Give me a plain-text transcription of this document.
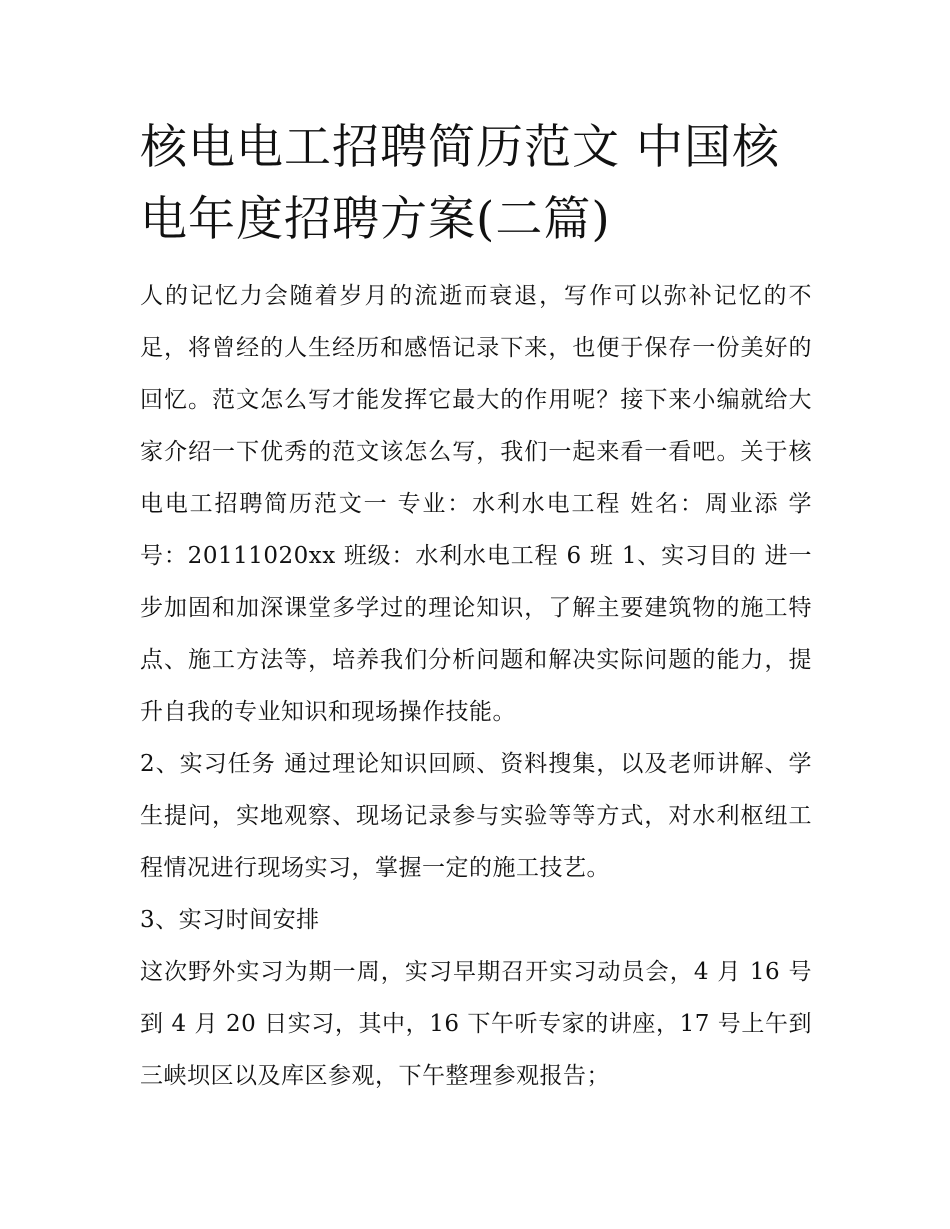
核电电工招聘简历范文 中国核电年度招聘方案(二篇)

人的记忆力会随着岁月的流逝而衰退，写作可以弥补记忆的不足，将曾经的人生经历和感悟记录下来，也便于保存一份美好的回忆。范文怎么写才能发挥它最大的作用呢？接下来小编就给大家介绍一下优秀的范文该怎么写，我们一起来看一看吧。关于核电电工招聘简历范文一 专业：水利水电工程 姓名：周业添 学号：20111020xx 班级：水利水电工程 6 班 1、实习目的 进一步加固和加深课堂多学过的理论知识，了解主要建筑物的施工特点、施工方法等，培养我们分析问题和解决实际问题的能力，提升自我的专业知识和现场操作技能。

2、实习任务 通过理论知识回顾、资料搜集，以及老师讲解、学生提问，实地观察、现场记录参与实验等等方式，对水利枢纽工程情况进行现场实习，掌握一定的施工技艺。

3、实习时间安排

这次野外实习为期一周，实习早期召开实习动员会，4 月 16 号到 4 月 20 日实习，其中，16 下午听专家的讲座，17 号上午到三峡坝区以及库区参观，下午整理参观报告；
